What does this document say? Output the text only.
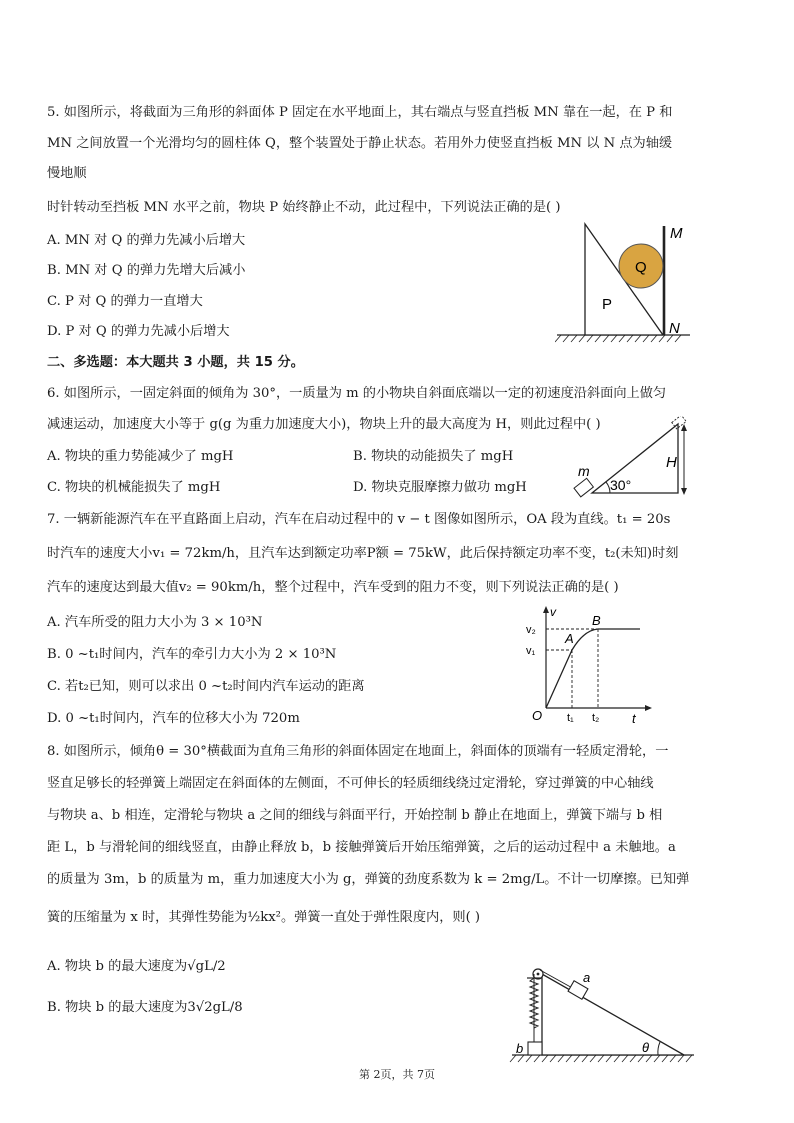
5. 如图所示，将截面为三角形的斜面体 P 固定在水平地面上，其右端点与竖直挡板 MN 靠在一起，在 P 和
MN 之间放置一个光滑均匀的圆柱体 Q，整个装置处于静止状态。若用外力使竖直挡板 MN 以 N 点为轴缓
慢地顺
时针转动至挡板 MN 水平之前，物块 P 始终静止不动，此过程中，下列说法正确的是( )
A. MN 对 Q 的弹力先减小后增大
B. MN 对 Q 的弹力先增大后减小
C. P 对 Q 的弹力一直增大
D. P 对 Q 的弹力先减小后增大
Q
P
M
N
二、多选题：本大题共 3 小题，共 15 分。
6. 如图所示，一固定斜面的倾角为 30°，一质量为 m 的小物块自斜面底端以一定的初速度沿斜面向上做匀
减速运动，加速度大小等于 g(g 为重力加速度大小)，物块上升的最大高度为 H，则此过程中( )
A. 物块的重力势能减少了 mgH	B. 物块的动能损失了 mgH
C. 物块的机械能损失了 mgH	D. 物块克服摩擦力做功 mgH	30°
m	H
7. 一辆新能源汽车在平直路面上启动，汽车在启动过程中的 v − t 图像如图所示，OA 段为直线。t₁ = 20s
时汽车的速度大小v₁ = 72km/h，且汽车达到额定功率P额 = 75kW，此后保持额定功率不变，t₂(未知)时刻
汽车的速度达到最大值v₂ = 90km/h，整个过程中，汽车受到的阻力不变，则下列说法正确的是( )
A. 汽车所受的阻力大小为 3 × 10³N
B. 0 ~t₁时间内，汽车的牵引力大小为 2 × 10³N
C. 若t₂已知，则可以求出 0 ~t₂时间内汽车运动的距离
D. 0 ~t₁时间内，汽车的位移大小为 720m
v
v₂
v₁
A
B
O t₁ t₂	t
8. 如图所示，倾角θ = 30°横截面为直角三角形的斜面体固定在地面上，斜面体的顶端有一轻质定滑轮，一
竖直足够长的轻弹簧上端固定在斜面体的左侧面，不可伸长的轻质细线绕过定滑轮，穿过弹簧的中心轴线
与物块 a、b 相连，定滑轮与物块 a 之间的细线与斜面平行，开始控制 b 静止在地面上，弹簧下端与 b 相
距 L，b 与滑轮间的细线竖直，由静止释放 b，b 接触弹簧后开始压缩弹簧，之后的运动过程中 a 未触地。a
的质量为 3m，b 的质量为 m，重力加速度大小为 g，弹簧的劲度系数为 k = 2mg/L。不计一切摩擦。已知弹
簧的压缩量为 x 时，其弹性势能为½kx²。弹簧一直处于弹性限度内，则( )
A. 物块 b 的最大速度为√gL/2
B. 物块 b 的最大速度为3√2gL/8
a
b	θ
第 2页，共 7页
